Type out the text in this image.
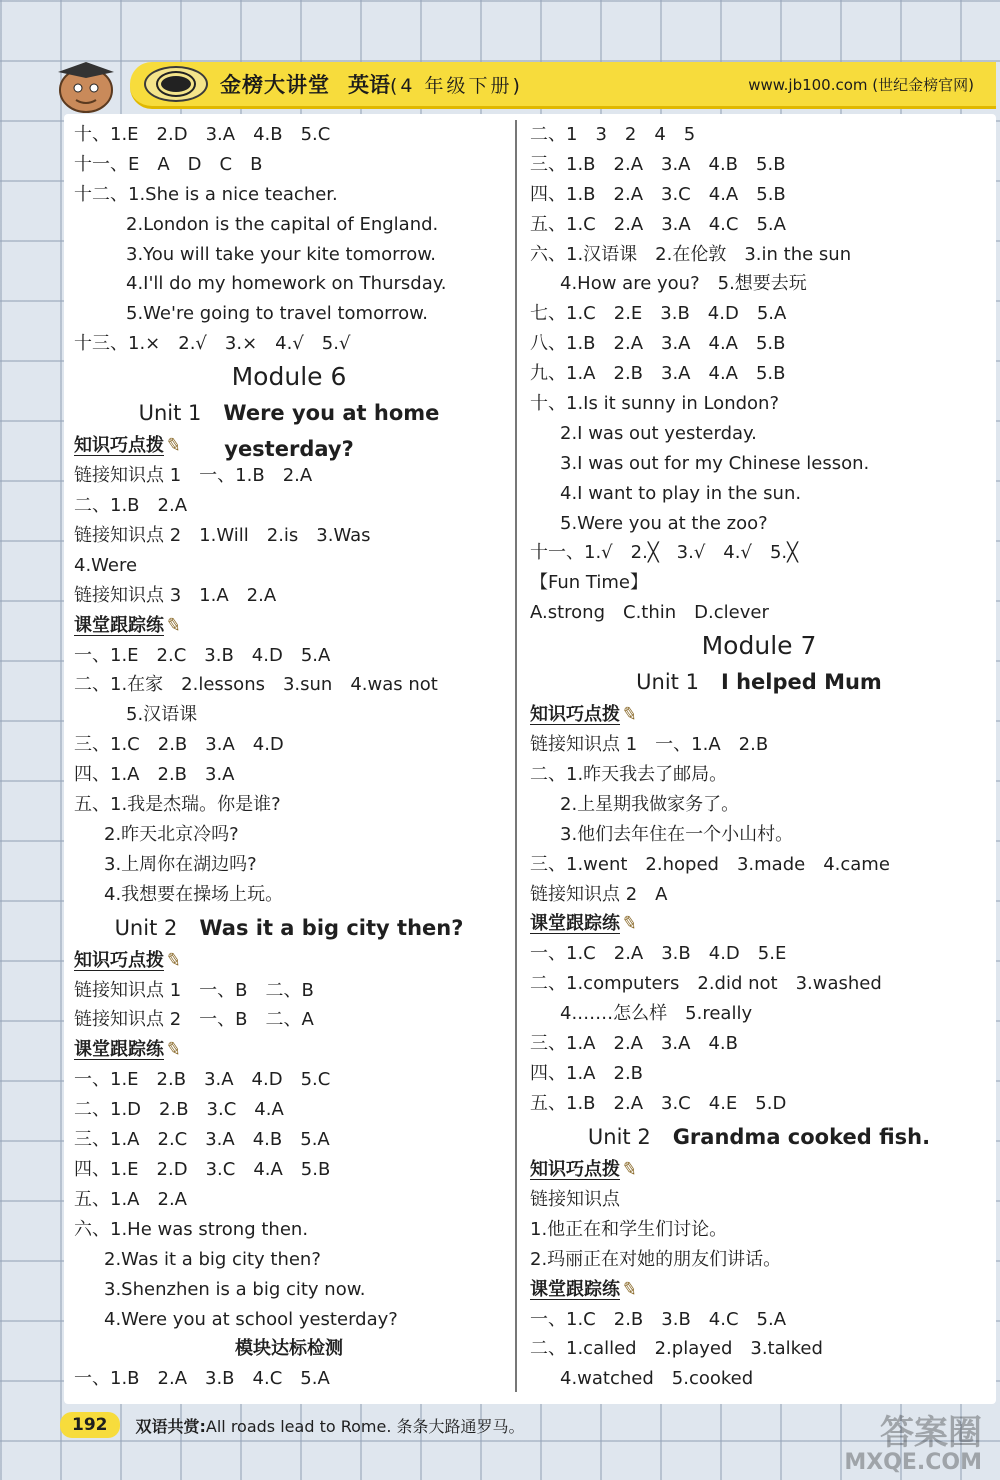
金榜大讲堂 英语 (4 年级下册)	www.jb100.com (世纪金榜官网)
十、1.E　2.D　3.A　4.B　5.C
十一、E　A　D　C　B
十二、1.She is a nice teacher.
2.London is the capital of England.
3.You will take your kite tomorrow.
4.I'll do my homework on Thursday.
5.We're going to travel tomorrow.
十三、1.×　2.√　3.×　4.√　5.√
Module 6
Unit 1 Were you at home yesterday?
知识巧点拨✎
链接知识点 1　一、1.B　2.A
二、1.B　2.A
链接知识点 2　1.Will　2.is　3.Was
4.Were
链接知识点 3　1.A　2.A
课堂跟踪练✎
一、1.E　2.C　3.B　4.D　5.A
二、1.在家　2.lessons　3.sun　4.was not
5.汉语课
三、1.C　2.B　3.A　4.D
四、1.A　2.B　3.A
五、1.我是杰瑞。你是谁?
2.昨天北京冷吗?
3.上周你在湖边吗?
4.我想要在操场上玩。
Unit 2 Was it a big city then?
知识巧点拨✎
链接知识点 1　一、B　二、B
链接知识点 2　一、B　二、A
课堂跟踪练✎
一、1.E　2.B　3.A　4.D　5.C
二、1.D　2.B　3.C　4.A
三、1.A　2.C　3.A　4.B　5.A
四、1.E　2.D　3.C　4.A　5.B
五、1.A　2.A
六、1.He was strong then.
2.Was it a big city then?
3.Shenzhen is a big city now.
4.Were you at school yesterday?
模块达标检测
一、1.B　2.A　3.B　4.C　5.A
二、1　3　2　4　5
三、1.B　2.A　3.A　4.B　5.B
四、1.B　2.A　3.C　4.A　5.B
五、1.C　2.A　3.A　4.C　5.A
六、1.汉语课　2.在伦敦　3.in the sun
4.How are you?　5.想要去玩
七、1.C　2.E　3.B　4.D　5.A
八、1.B　2.A　3.A　4.A　5.B
九、1.A　2.B　3.A　4.A　5.B
十、1.Is it sunny in London?
2.I was out yesterday.
3.I was out for my Chinese lesson.
4.I want to play in the sun.
5.Were you at the zoo?
十一、1.√　2.╳　3.√　4.√　5.╳
【Fun Time】
A.strong　C.thin　D.clever
Module 7
Unit 1 I helped Mum
知识巧点拨✎
链接知识点 1　一、1.A　2.B
二、1.昨天我去了邮局。
2.上星期我做家务了。
3.他们去年住在一个小山村。
三、1.went　2.hoped　3.made　4.came
链接知识点 2　A
课堂跟踪练✎
一、1.C　2.A　3.B　4.D　5.E
二、1.computers　2.did not　3.washed
4.……怎么样　5.really
三、1.A　2.A　3.A　4.B
四、1.A　2.B
五、1.B　2.A　3.C　4.E　5.D
Unit 2 Grandma cooked fish.
知识巧点拨✎
链接知识点
1.他正在和学生们讨论。
2.玛丽正在对她的朋友们讲话。
课堂跟踪练✎
一、1.C　2.B　3.B　4.C　5.A
二、1.called　2.played　3.talked
4.watched　5.cooked
192	双语共赏:All roads lead to Rome. 条条大路通罗马。	答案圈
MXQE.COM
